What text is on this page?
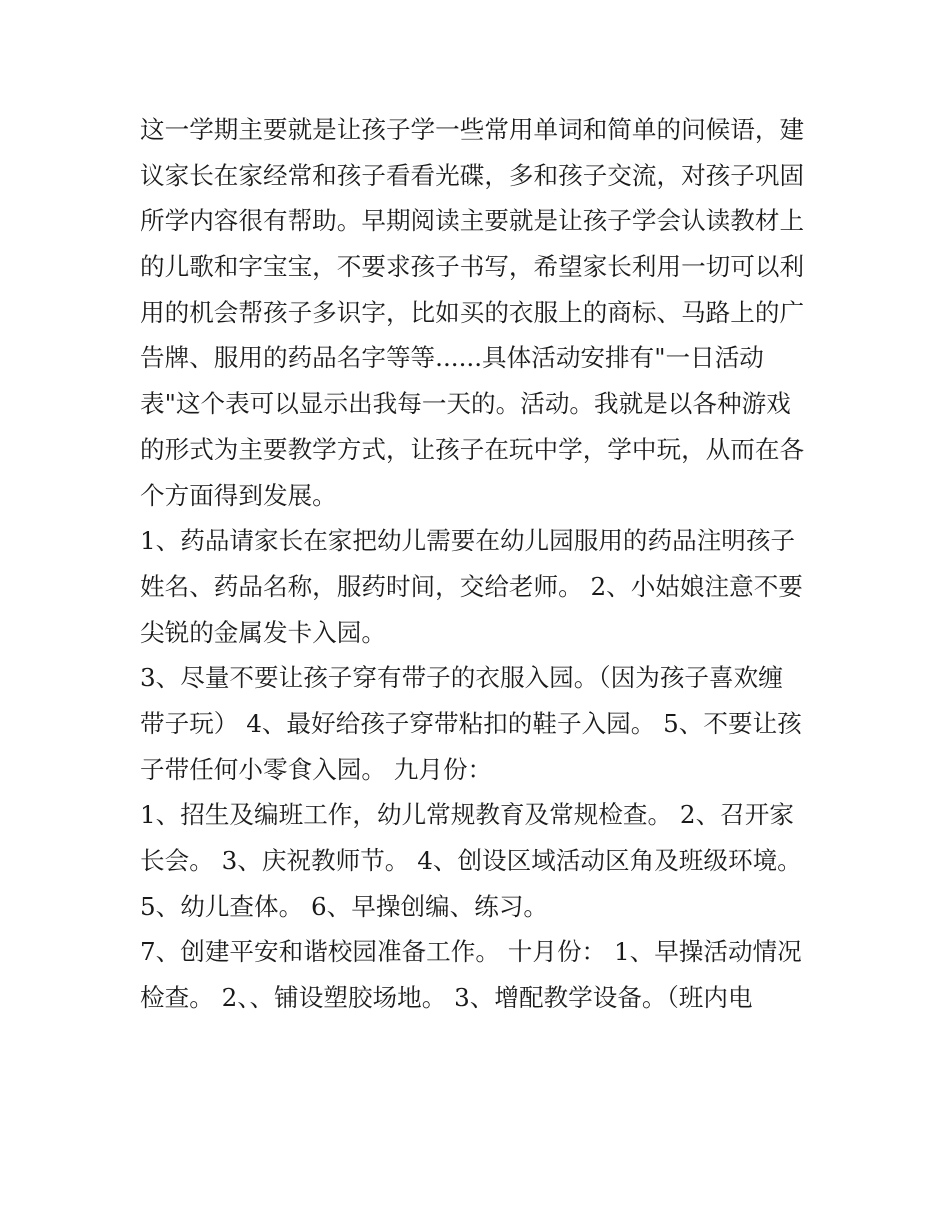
这一学期主要就是让孩子学一些常用单词和简单的问候语，建
议家长在家经常和孩子看看光碟，多和孩子交流，对孩子巩固
所学内容很有帮助。早期阅读主要就是让孩子学会认读教材上
的儿歌和字宝宝，不要求孩子书写，希望家长利用一切可以利
用的机会帮孩子多识字，比如买的衣服上的商标、马路上的广
告牌、服用的药品名字等等......具体活动安排有"一日活动
表"这个表可以显示出我每一天的。活动。我就是以各种游戏
的形式为主要教学方式，让孩子在玩中学，学中玩，从而在各
个方面得到发展。
1、药品请家长在家把幼儿需要在幼儿园服用的药品注明孩子
姓名、药品名称，服药时间，交给老师。 2、小姑娘注意不要
尖锐的金属发卡入园。
3、尽量不要让孩子穿有带子的衣服入园。（因为孩子喜欢缠
带子玩） 4、最好给孩子穿带粘扣的鞋子入园。 5、不要让孩
子带任何小零食入园。 九月份：
1、招生及编班工作，幼儿常规教育及常规检查。 2、召开家
长会。 3、庆祝教师节。 4、创设区域活动区角及班级环境。
5、幼儿查体。 6、早操创编、练习。
7、创建平安和谐校园准备工作。 十月份： 1、早操活动情况
检查。 2、、铺设塑胶场地。 3、增配教学设备。（班内电
